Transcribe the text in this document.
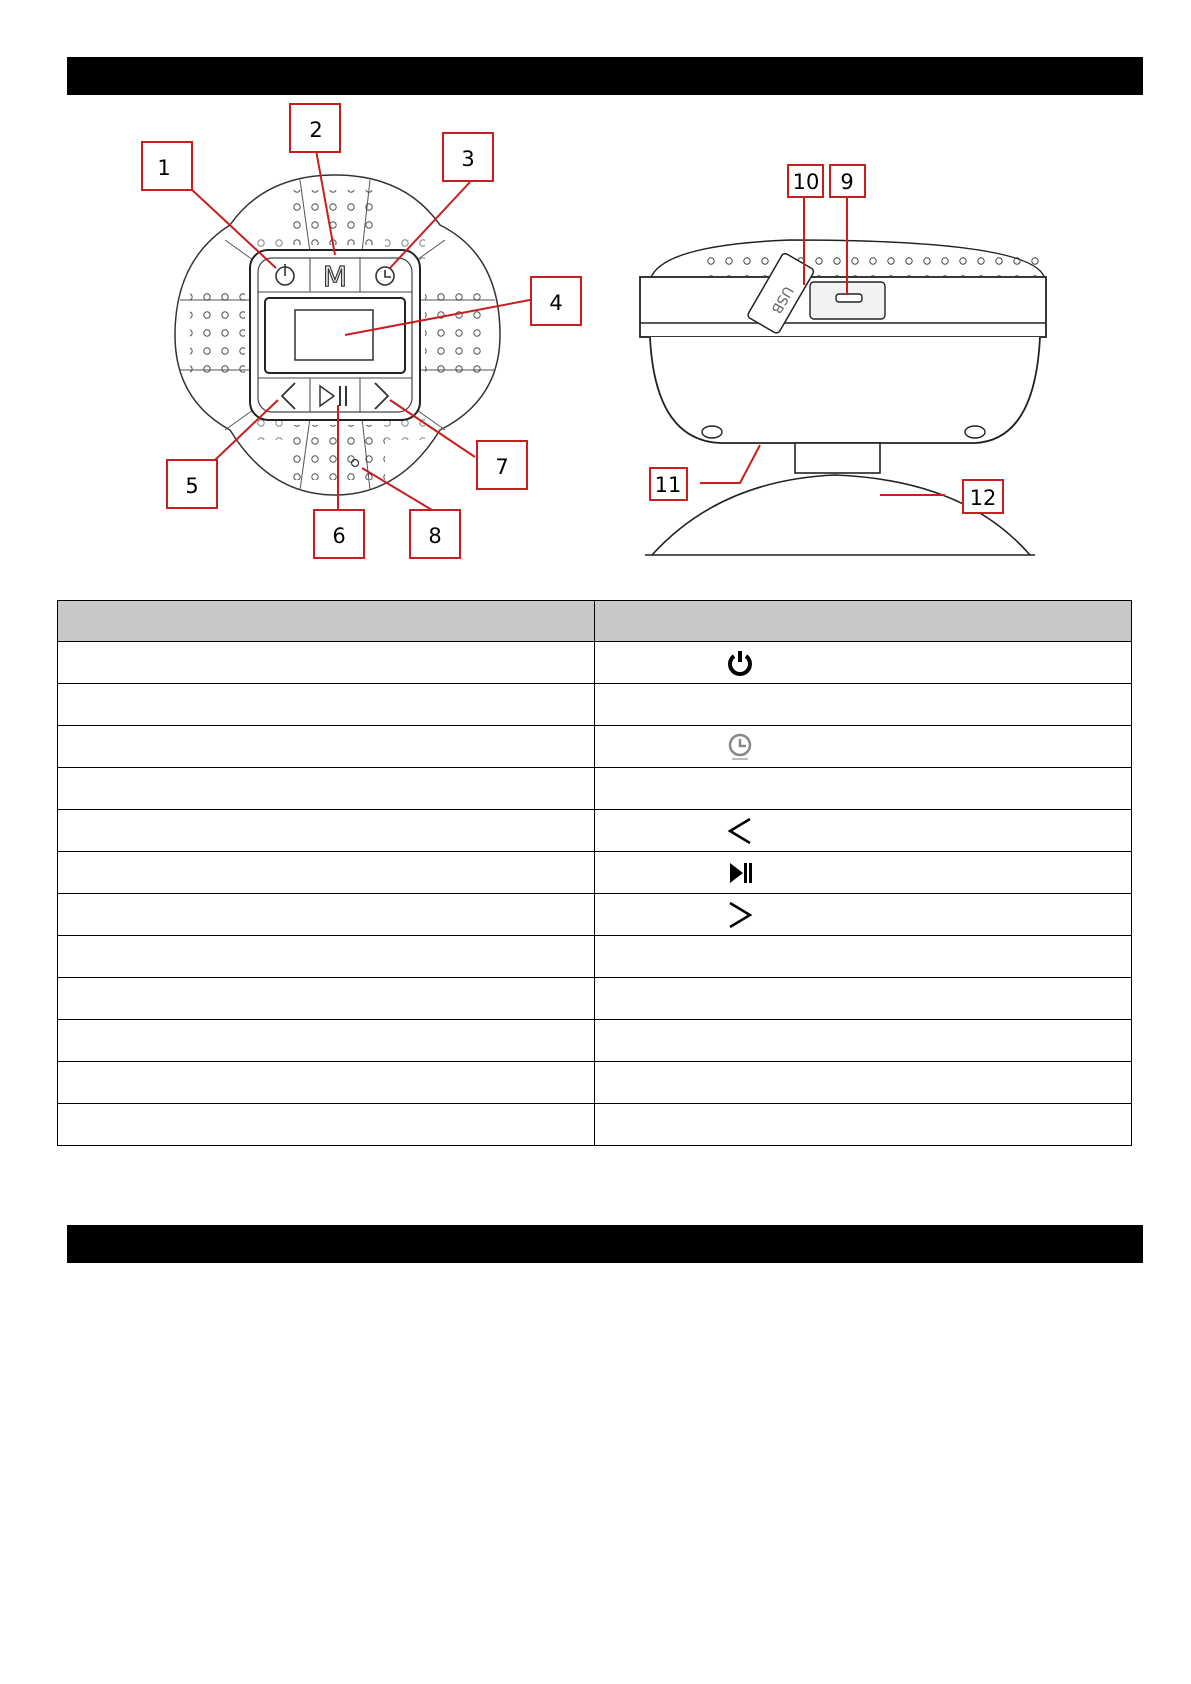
M
USB
1
2
3
4
5
6
7
8
9
10
11
12
